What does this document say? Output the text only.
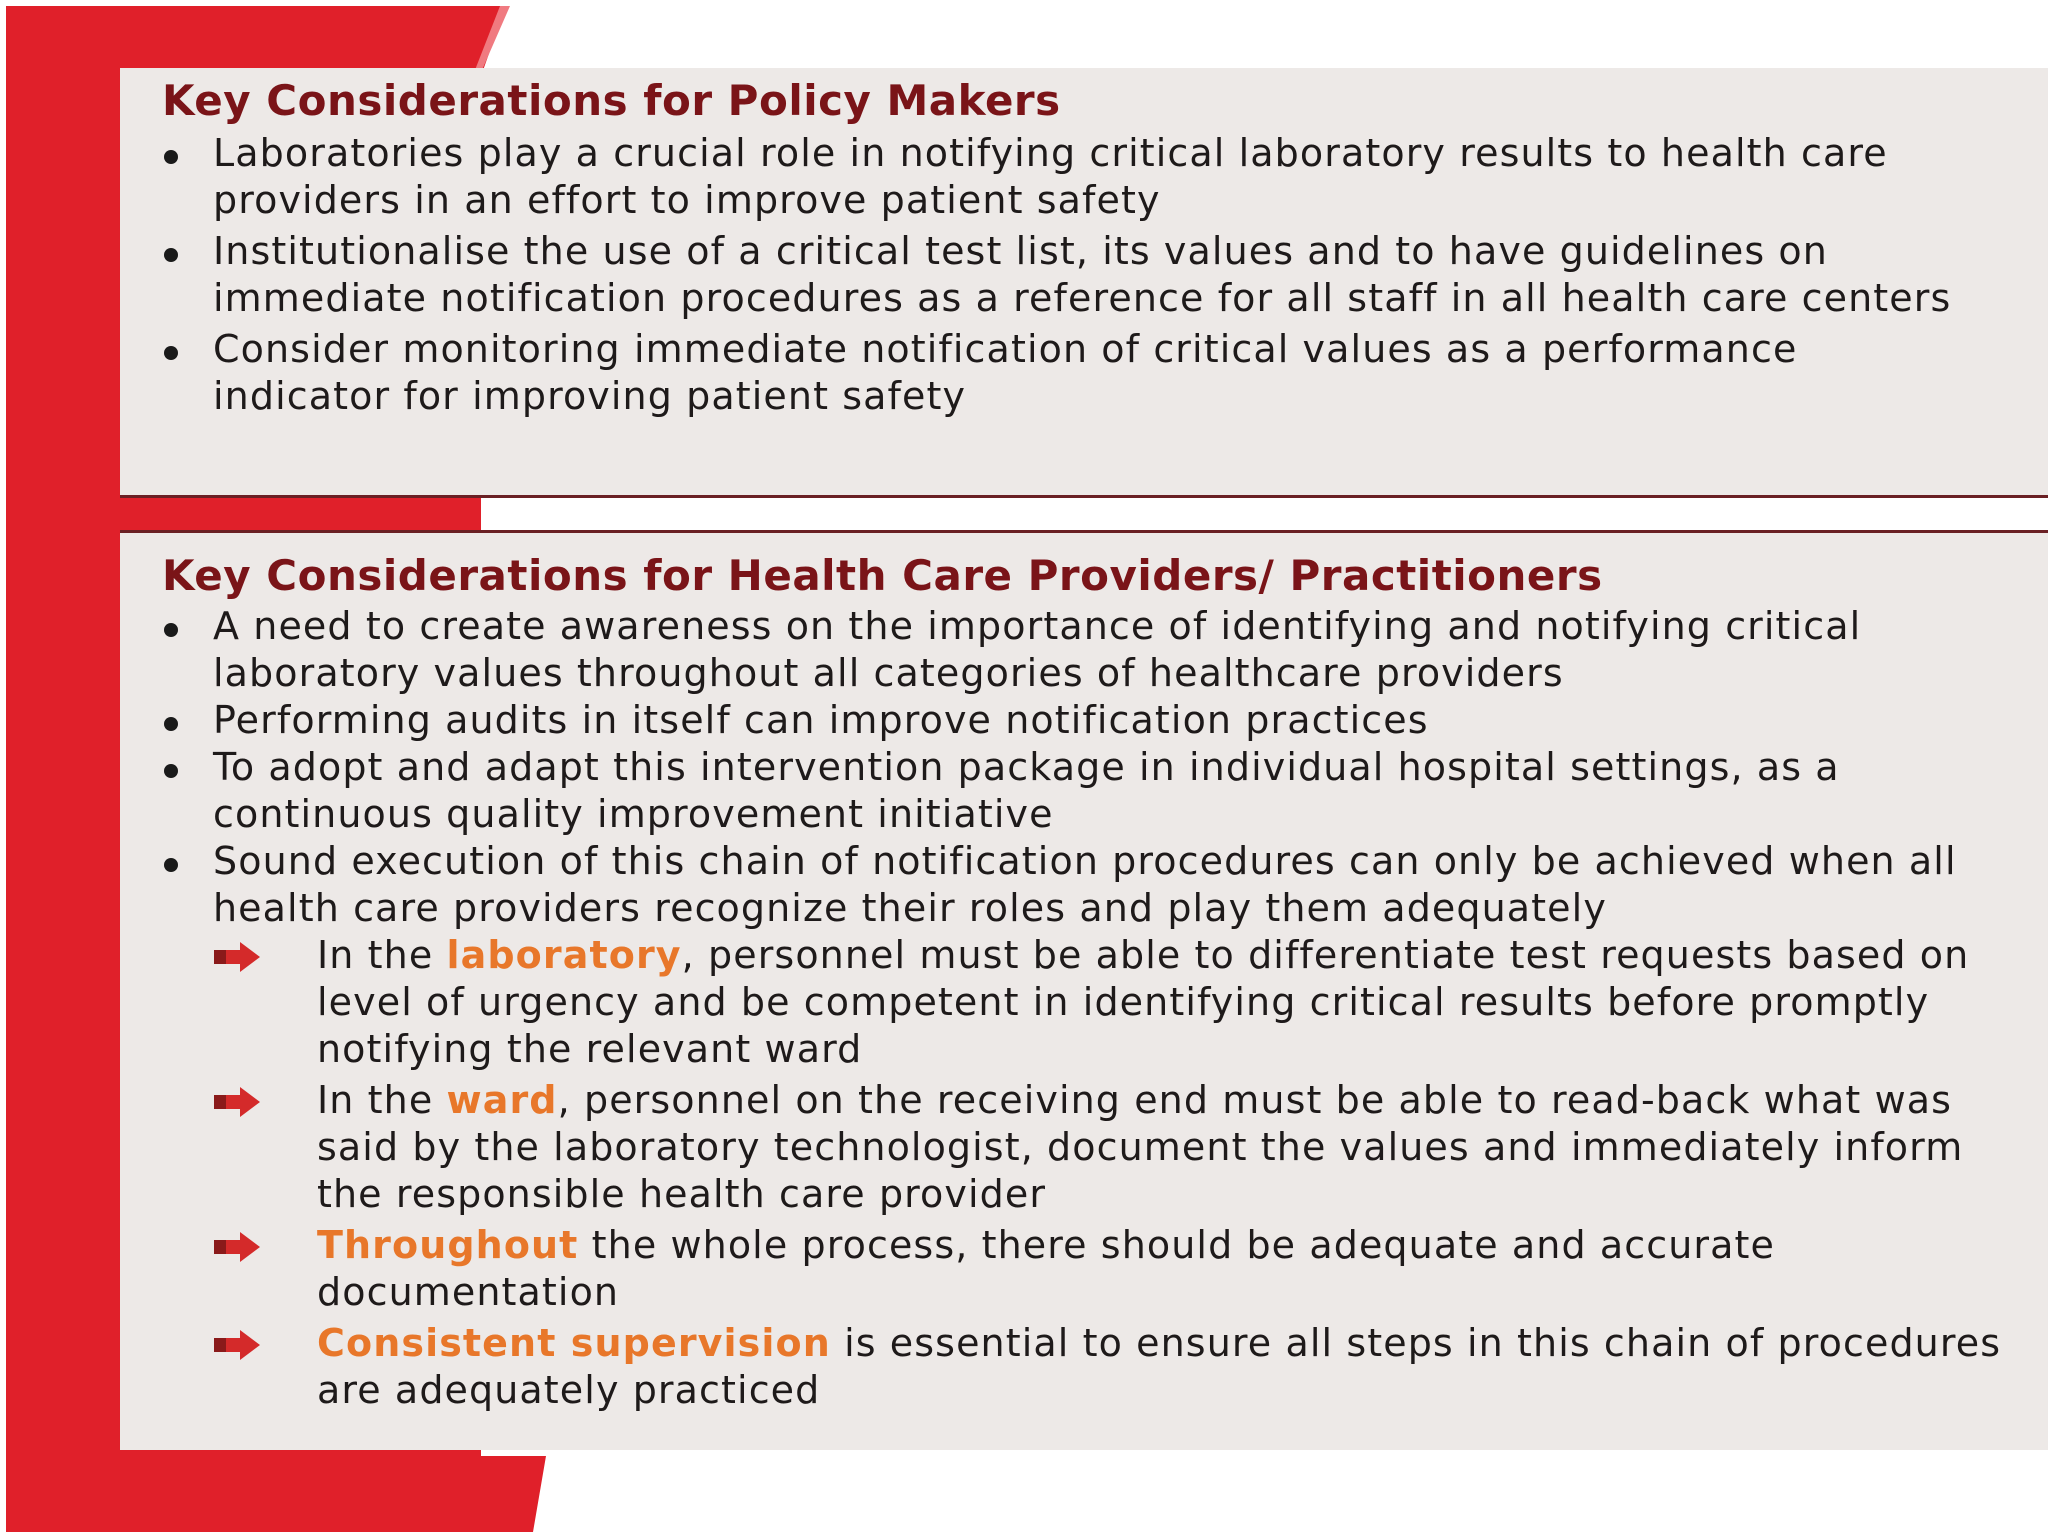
Key Considerations for Policy Makers

Laboratories play a crucial role in notifying critical laboratory results to health care providers in an effort to improve patient safety

Institutionalise the use of a critical test list, its values and to have guidelines on immediate notification procedures as a reference for all staff in all health care centers

Consider monitoring immediate notification of critical values as a performance indicator for improving patient safety

Key Considerations for Health Care Providers/ Practitioners

A need to create awareness on the importance of identifying and notifying critical laboratory values throughout all categories of healthcare providers

Performing audits in itself can improve notification practices

To adopt and adapt this intervention package in individual hospital settings, as a continuous quality improvement initiative

Sound execution of this chain of notification procedures can only be achieved when all health care providers recognize their roles and play them adequately

In the laboratory, personnel must be able to differentiate test requests based on level of urgency and be competent in identifying critical results before promptly notifying the relevant ward

In the ward, personnel on the receiving end must be able to read-back what was said by the laboratory technologist, document the values and immediately inform the responsible health care provider

Throughout the whole process, there should be adequate and accurate documentation

Consistent supervision is essential to ensure all steps in this chain of procedures are adequately practiced
